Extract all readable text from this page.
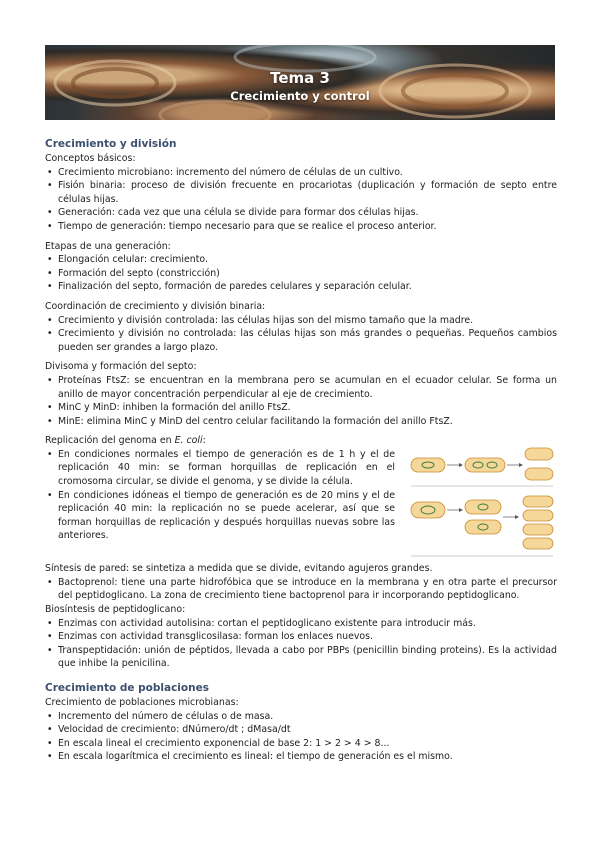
Tema 3
Crecimiento y control
Crecimiento y división

Conceptos básicos:

• Crecimiento microbiano: incremento del número de células de un cultivo.
• Fisión binaria: proceso de división frecuente en procariotas (duplicación y formación de septo entre células hijas.
• Generación: cada vez que una célula se divide para formar dos células hijas.
• Tiempo de generación: tiempo necesario para que se realice el proceso anterior.

Etapas de una generación:

• Elongación celular: crecimiento.
• Formación del septo (constricción)
• Finalización del septo, formación de paredes celulares y separación celular.

Coordinación de crecimiento y división binaria:

• Crecimiento y división controlada: las células hijas son del mismo tamaño que la madre.
• Crecimiento y división no controlada: las células hijas son más grandes o pequeñas. Pequeños cambios pueden ser grandes a largo plazo.

Divisoma y formación del septo:

• Proteínas FtsZ: se encuentran en la membrana pero se acumulan en el ecuador celular. Se forma un anillo de mayor concentración perpendicular al eje de crecimiento.
• MinC y MinD: inhiben la formación del anillo FtsZ.
• MinE: elimina MinC y MinD del centro celular facilitando la formación del anillo FtsZ.

Replicación del genoma en E. coli:

• En condiciones normales el tiempo de generación es de 1 h y el de replicación 40 min: se forman horquillas de replicación en el cromosoma circular, se divide el genoma, y se divide la célula.
• En condiciones idóneas el tiempo de generación es de 20 mins y el de replicación 40 min: la replicación no se puede acelerar, así que se forman horquillas de replicación y después horquillas nuevas sobre las anteriores.

Síntesis de pared: se sintetiza a medida que se divide, evitando agujeros grandes.

• Bactoprenol: tiene una parte hidrofóbica que se introduce en la membrana y en otra parte el precursor del peptidoglicano. La zona de crecimiento tiene bactoprenol para ir incorporando peptidoglicano.

Biosíntesis de peptidoglicano:

• Enzimas con actividad autolisina: cortan el peptidoglicano existente para introducir más.
• Enzimas con actividad transglicosilasa: forman los enlaces nuevos.
• Transpeptidación: unión de péptidos, llevada a cabo por PBPs (penicillin binding proteins). Es la actividad que inhibe la penicilina.
Crecimiento de poblaciones

Crecimiento de poblaciones microbianas:

• Incremento del número de células o de masa.
• Velocidad de crecimiento: dNúmero/dt ; dMasa/dt
• En escala lineal el crecimiento exponencial de base 2: 1 > 2 > 4 > 8...
• En escala logarítmica el crecimiento es lineal: el tiempo de generación es el mismo.
